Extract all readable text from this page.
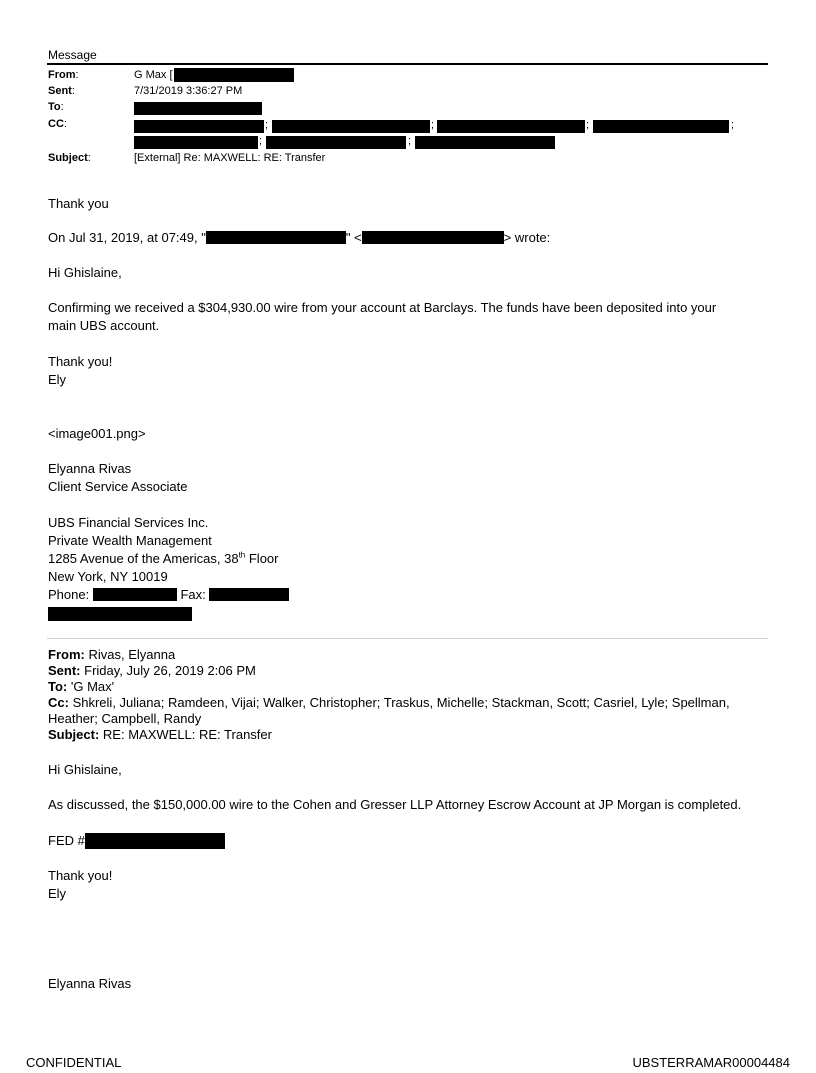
Message
From:	G Max [
Sent:	7/31/2019 3:36:27 PM
To:
CC:	;	;	;	;
;	;
Subject:	[External] Re: MAXWELL: RE: Transfer
Thank you
On Jul 31, 2019, at 07:49, "	" <	> wrote:
Hi Ghislaine,
Confirming we received a $304,930.00 wire from your account at Barclays. The funds have been deposited into your
main UBS account.
Thank you!
Ely
<image001.png>
Elyanna Rivas
Client Service Associate
UBS Financial Services Inc.
Private Wealth Management
1285 Avenue of the Americas, 38th Floor
New York, NY 10019
Phone:	Fax:
From: Rivas, Elyanna
Sent: Friday, July 26, 2019 2:06 PM
To: 'G Max'
Cc: Shkreli, Juliana; Ramdeen, Vijai; Walker, Christopher; Traskus, Michelle; Stackman, Scott; Casriel, Lyle; Spellman,
Heather; Campbell, Randy
Subject: RE: MAXWELL: RE: Transfer
Hi Ghislaine,
As discussed, the $150,000.00 wire to the Cohen and Gresser LLP Attorney Escrow Account at JP Morgan is completed.
FED #
Thank you!
Ely
Elyanna Rivas
CONFIDENTIAL	UBSTERRAMAR00004484
